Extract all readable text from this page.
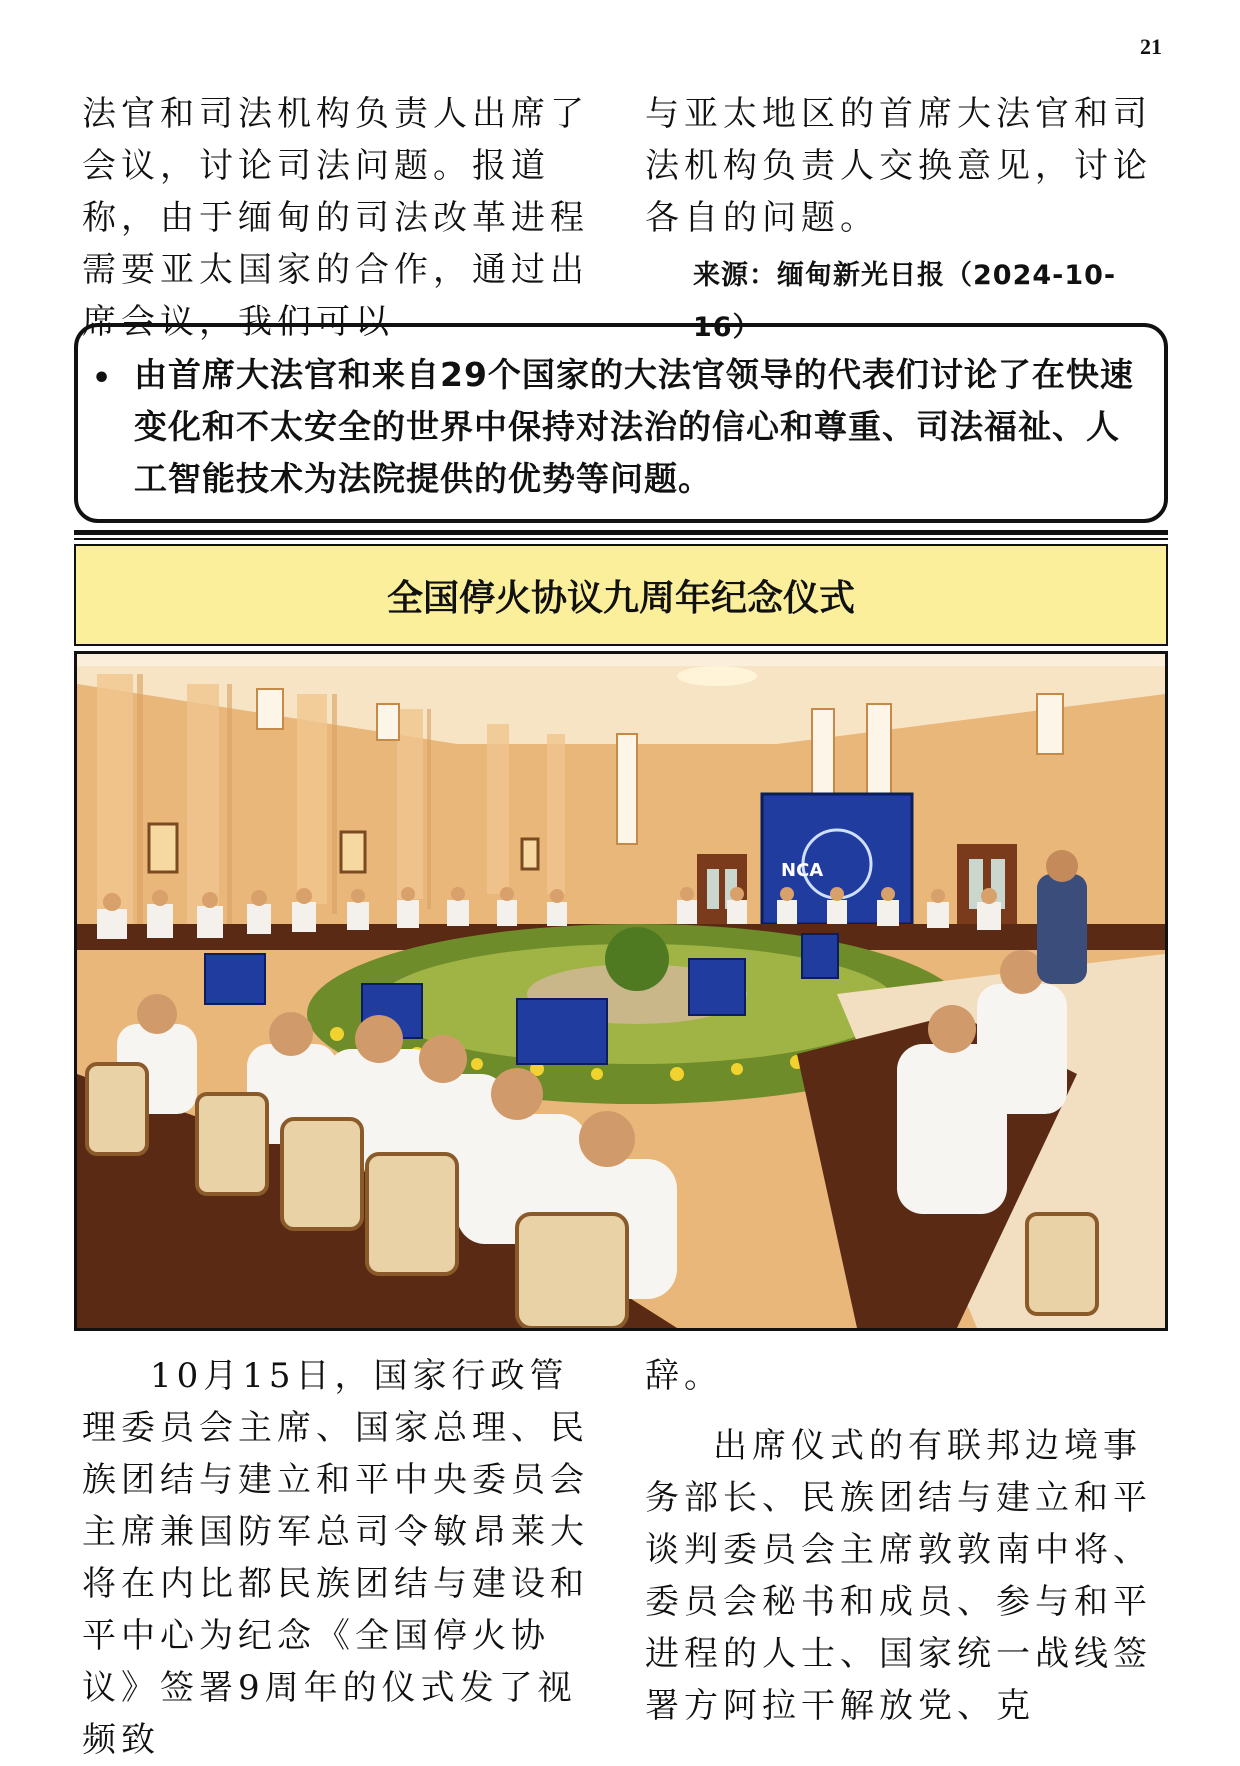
21

法官和司法机构负责人出席了会议，讨论司法问题。报道称，由于缅甸的司法改革进程需要亚太国家的合作，通过出席会议，我们可以

与亚太地区的首席大法官和司法机构负责人交换意见，讨论各自的问题。

来源：缅甸新光日报（2024-10-16）
• 由首席大法官和来自29个国家的大法官领导的代表们讨论了在快速变化和不太安全的世界中保持对法治的信心和尊重、司法福祉、人工智能技术为法院提供的优势等问题。
全国停火协议九周年纪念仪式
NCA

10月15日，国家行政管理委员会主席、国家总理、民族团结与建立和平中央委员会主席兼国防军总司令敏昂莱大将在内比都民族团结与建设和平中心为纪念《全国停火协议》签署9周年的仪式发了视频致

辞。

出席仪式的有联邦边境事务部长、民族团结与建立和平谈判委员会主席敦敦南中将、委员会秘书和成员、参与和平进程的人士、国家统一战线签署方阿拉干解放党、克
